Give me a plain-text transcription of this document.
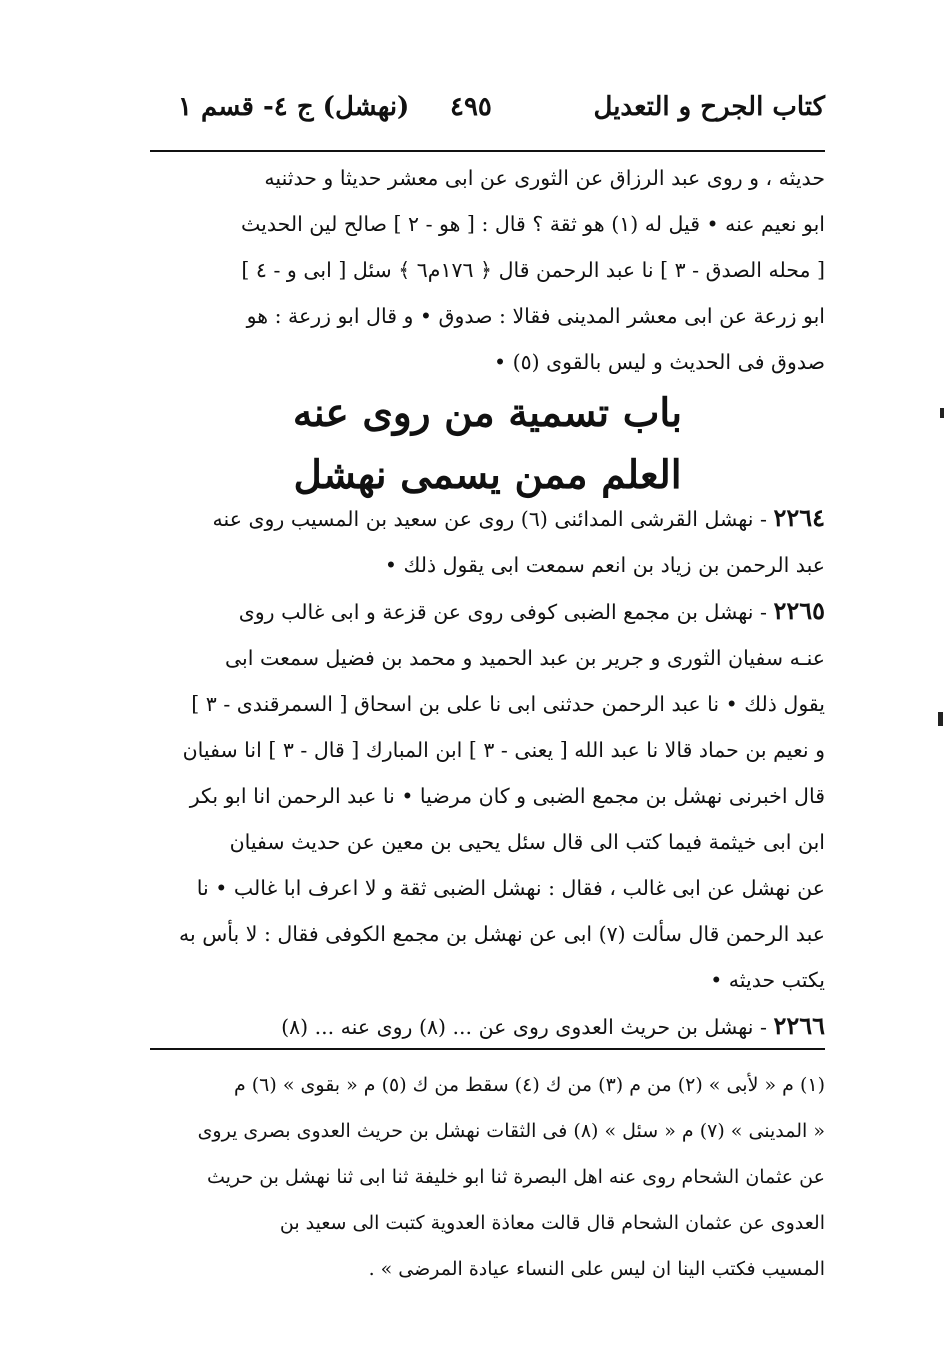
كتاب الجرح و التعديل
٤٩٥
(نهشل) ج ٤- قسم ١
حديثه ، و روى عبد الرزاق عن الثورى عن ابى معشر حديثا و حدثنيه
ابو نعيم عنه • قيل له (١) هو ثقة ؟ قال : [ هو - ٢ ] صالح لين الحديث
[ محله الصدق - ٣ ] نا عبد الرحمن قال ﴿ ١٧٦م٦ ﴾ سئل [ ابى و - ٤ ]
ابو زرعة عن ابى معشر المدينى فقالا : صدوق • و قال ابو زرعة : هو
صدوق فى الحديث و ليس بالقوى (٥) •
باب تسمية من روى عنه
العلم ممن يسمى نهشل
٢٢٦٤ - نهشل القرشى المدائنى (٦) روى عن سعيد بن المسيب روى عنه
عبد الرحمن بن زياد بن انعم سمعت ابى يقول ذلك •
٢٢٦٥ - نهشل بن مجمع الضبى كوفى روى عن قزعة و ابى غالب روى
عنـه سفيان الثورى و جرير بن عبد الحميد و محمد بن فضيل سمعت ابى
يقول ذلك • نا عبد الرحمن حدثنى ابى نا على بن اسحاق [ السمرقندى - ٣ ]
و نعيم بن حماد قالا نا عبد الله [ يعنى - ٣ ] ابن المبارك [ قال - ٣ ] انا سفيان
قال اخبرنى نهشل بن مجمع الضبى و كان مرضيا • نا عبد الرحمن انا ابو بكر
ابن ابى خيثمة فيما كتب الى قال سئل يحيى بن معين عن حديث سفيان
عن نهشل عن ابى غالب ، فقال : نهشل الضبى ثقة و لا اعرف ابا غالب • نا
عبد الرحمن قال سألت (٧) ابى عن نهشل بن مجمع الكوفى فقال : لا بأس به
يكتب حديثه •
٢٢٦٦ - نهشل بن حريث العدوى روى عن ... (٨) روى عنه ... (٨)
(١) م « لأبى » (٢) من م (٣) من ك (٤) سقط من ك (٥) م « بقوى » (٦) م
« المدينى » (٧) م « سئل » (٨) فى الثقات نهشل بن حريث العدوى بصرى يروى
عن عثمان الشحام روى عنه اهل البصرة ثنا ابو خليفة ثنا ابى ثنا نهشل بن حريث
العدوى عن عثمان الشحام قال قالت معاذة العدوية كتبت الى سعيد بن
المسيب فكتب الينا ان ليس على النساء عيادة المرضى » .
